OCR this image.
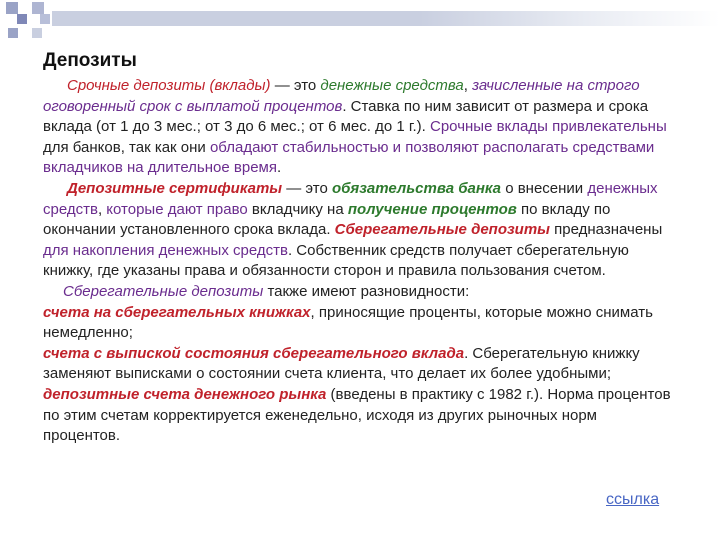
Депозиты

Срочные депозиты (вклады) — это денежные средства, зачисленные на строго оговоренный срок с выплатой процентов. Ставка по ним зависит от размера и срока вклада (от 1 до 3 мес.; от 3 до 6 мес.; от 6 мес. до 1 г.). Срочные вклады привлекательны для банков, так как они обладают стабильностью и позволяют располагать средствами вкладчиков на длительное время.
Депозитные сертификаты — это обязательства банка о внесении денежных средств, которые дают право вкладчику на получение процентов по вкладу по окончании установленного срока вклада. Сберегательные депозиты предназначены для накопления денежных средств. Собственник средств получает сберегательную книжку, где указаны права и обязанности сторон и правила пользования счетом.
Сберегательные депозиты также имеют разновидности:
счета на сберегательных книжках, приносящие проценты, которые можно снимать немедленно;
счета с выпиской состояния сберегательного вклада. Сберегательную книжку заменяют выписками о состоянии счета клиента, что делает их более удобными;
депозитные счета денежного рынка (введены в практику с 1982 г.). Норма процентов по этим счетам корректируется еженедельно, исходя из других рыночных норм процентов.

ссылка
